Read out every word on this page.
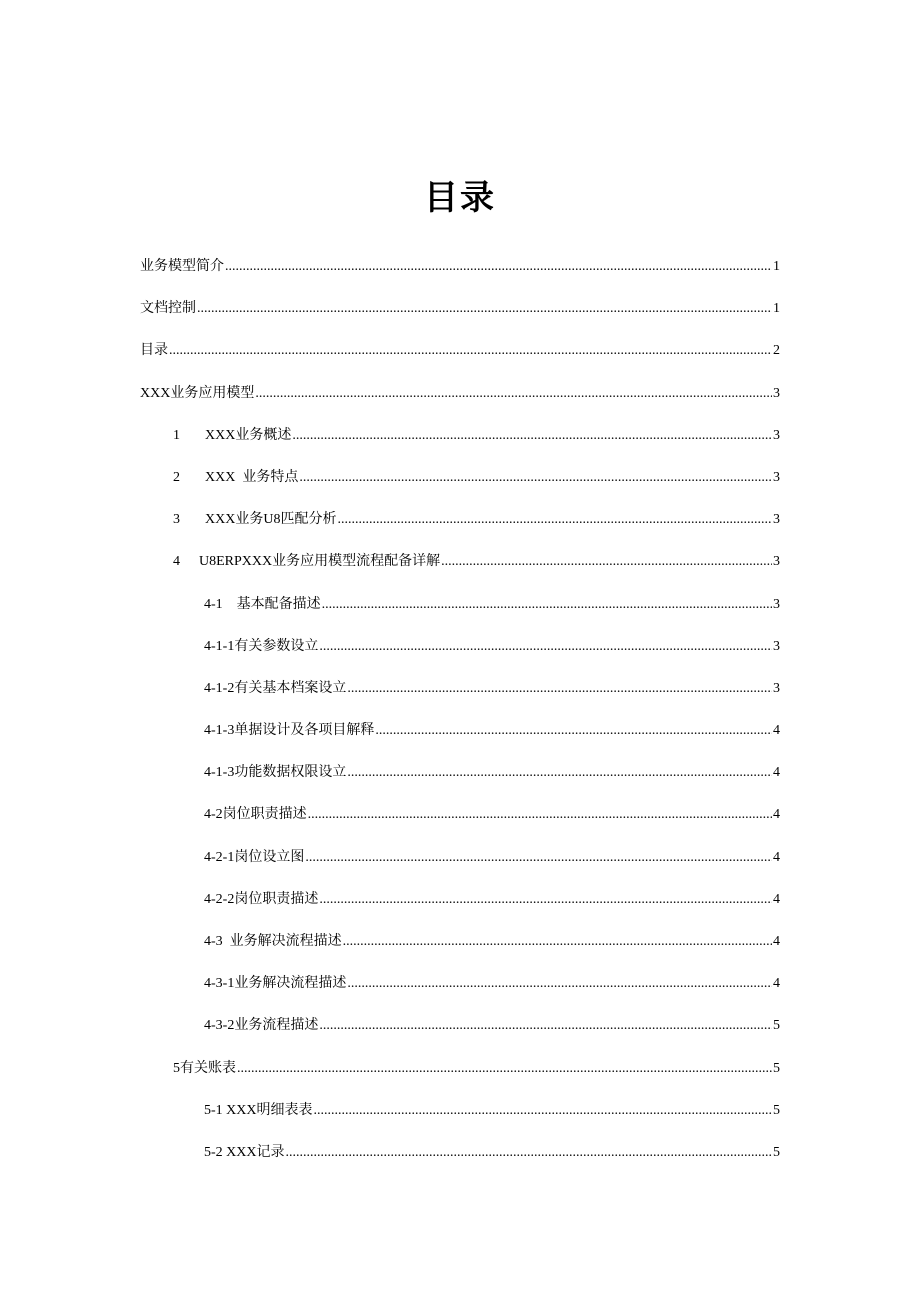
目录
业务模型简介 .....	1
文档控制 .....	1
目录 .....	2
XXX业务应用模型 .....	3
1 XXX业务概述 .....	3
2 XXX  业务特点 .....	3
3 XXX业务U8匹配分析 .....	3
4 U8ERPXXX业务应用模型流程配备详解 .....	3
4-1    基本配备描述 .....	3
4-1-1有关参数设立 .....	3
4-1-2有关基本档案设立 .....	3
4-1-3单据设计及各项目解释 .....	4
4-1-3功能数据权限设立 .....	4
4-2岗位职责描述 .....	4
4-2-1岗位设立图 .....	4
4-2-2岗位职责描述 .....	4
4-3  业务解决流程描述 .....	4
4-3-1业务解决流程描述 .....	4
4-3-2业务流程描述 .....	5
5有关账表 .....	5
5-1 XXX明细表表 .....	5
5-2 XXX记录 .....	5
